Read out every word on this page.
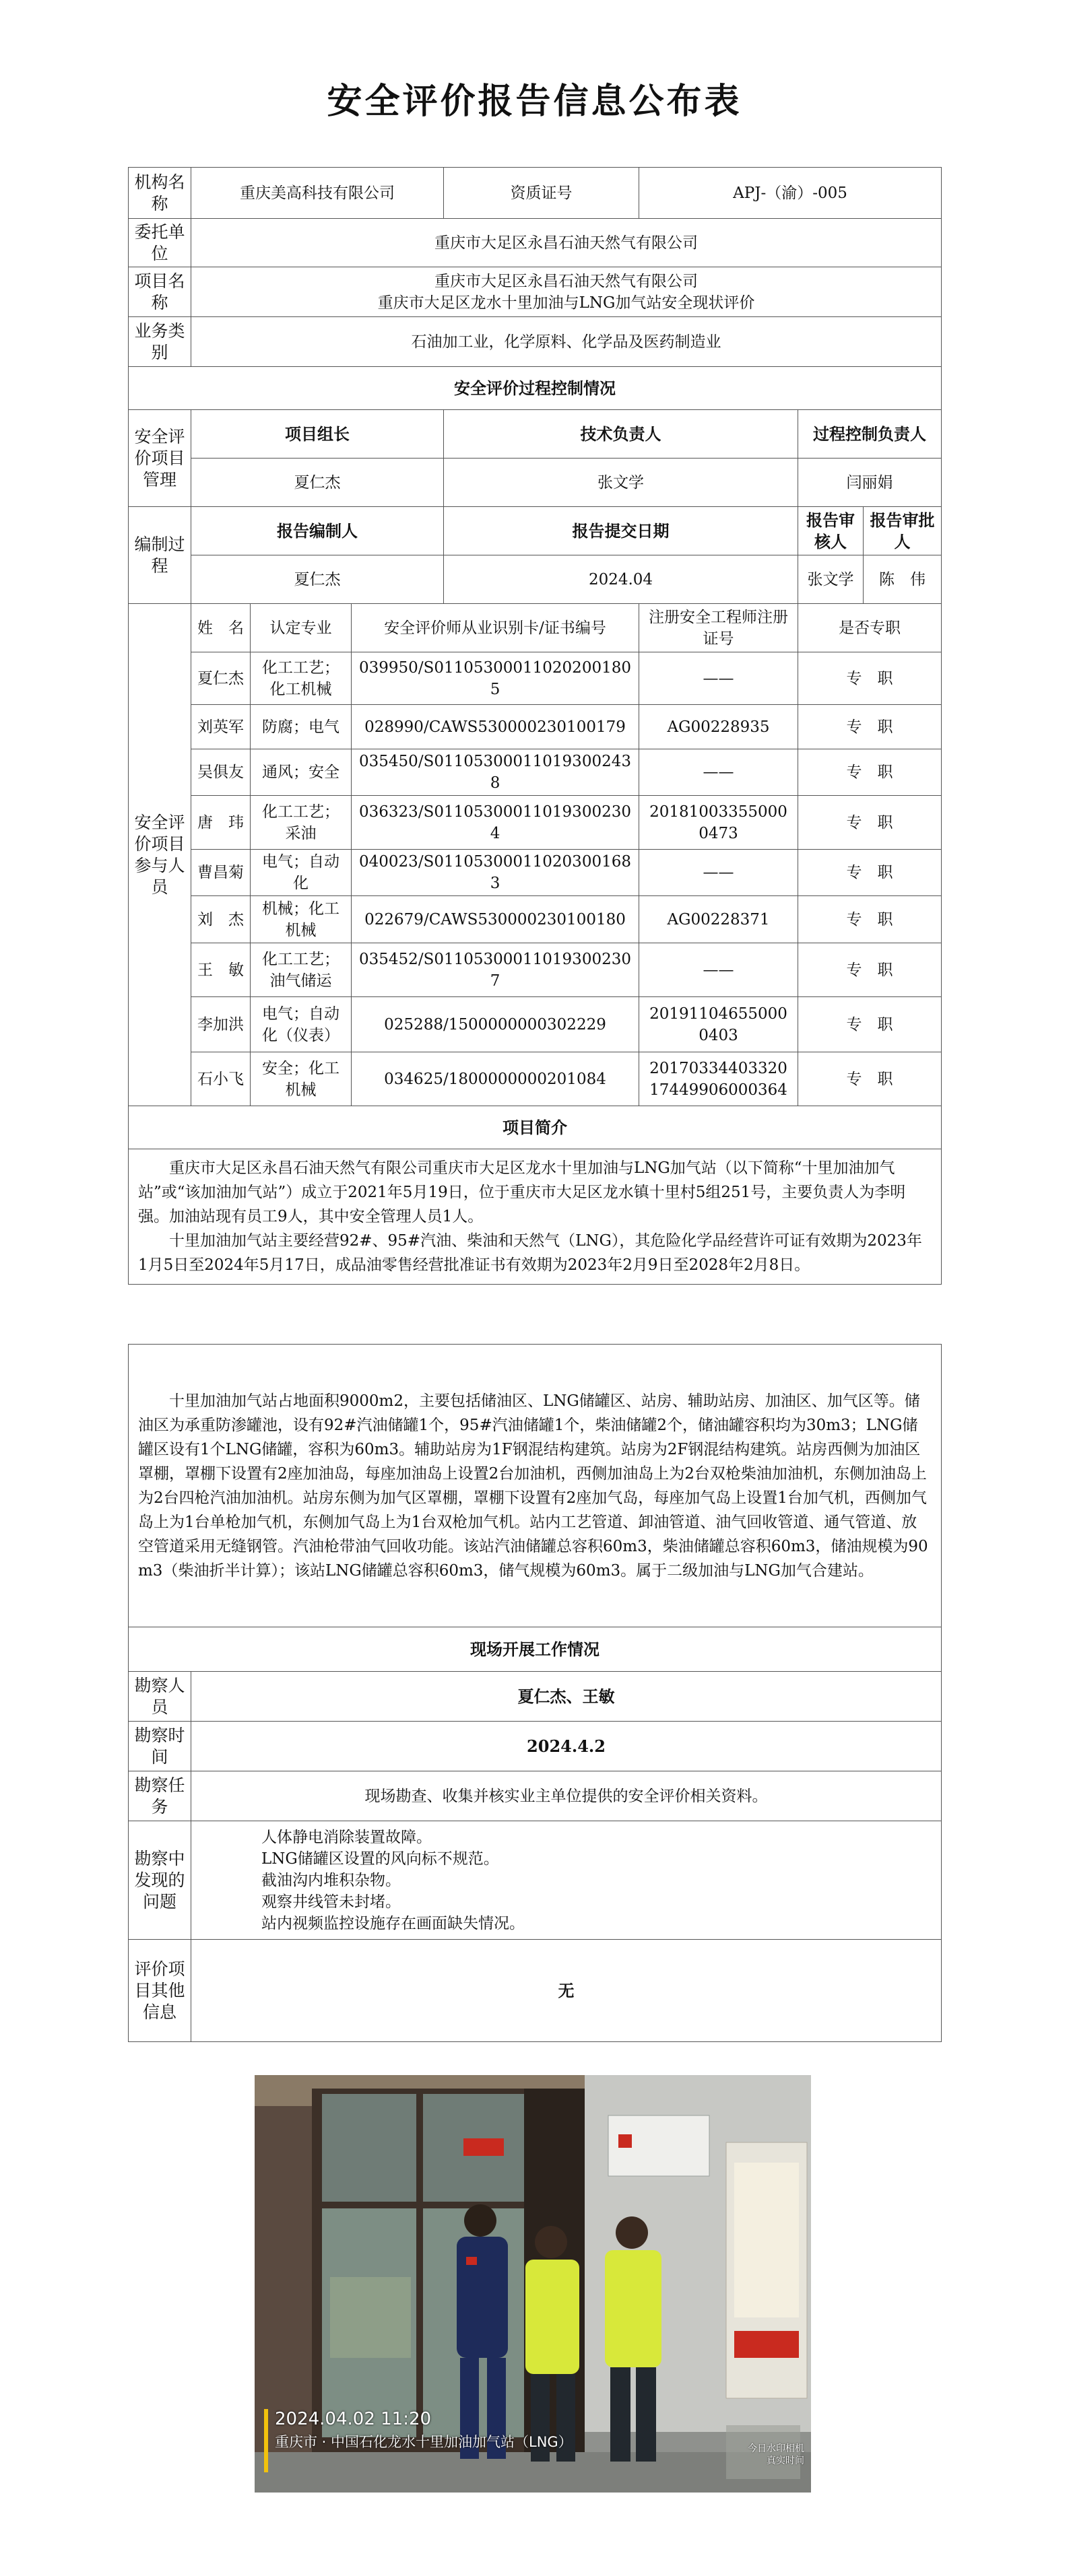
安全评价报告信息公布表
机构名称	重庆美高科技有限公司			资质证号	APJ-（渝）-005		
委托单位	重庆市大足区永昌石油天然气有限公司						
项目名称	重庆市大足区永昌石油天然气有限公司
重庆市大足区龙水十里加油与LNG加气站安全现状评价						

业务类别	石油加工业，化学原料、化学品及医药制造业						
安全评价过程控制情况							
安全评价项目管理	项目组长			技术负责人		过程控制负责人	
	夏仁杰			张文学		闫丽娟	
编制过程	报告编制人			报告提交日期		报告审核人	报告审批人
	夏仁杰			2024.04		张文学	陈　伟
安全评价项目参与人员	姓　名	认定专业	安全评价师从业识别卡/证书编号		注册安全工程师注册证号	是否专职	
	夏仁杰	化工工艺；化工机械	039950/S011053000110202001805		——	专　职	
	刘英军	防腐；电气	028990/CAWS530000230100179		AG00228935	专　职	
	吴俱友	通风；安全	035450/S011053000110193002438		——	专　职	
	唐　玮	化工工艺；采油	036323/S011053000110193002304		201810033550000473	专　职	
	曹昌菊	电气；自动化	040023/S011053000110203001683		——	专　职	
	刘　杰	机械；化工机械	022679/CAWS530000230100180		AG00228371	专　职	
	王　敏	化工工艺；油气储运	035452/S011053000110193002307		——	专　职	
	李加洪	电气；自动化（仪表）	025288/1500000000302229		201911046550000403	专　职	
	石小飞	安全；化工机械	034625/1800000000201084		2017033440332017449906000364	专　职	
项目简介							

重庆市大足区永昌石油天然气有限公司重庆市大足区龙水十里加油与LNG加气站（以下简称“十里加油加气站”或“该加油加气站”）成立于2021年5月19日，位于重庆市大足区龙水镇十里村5组251号，主要负责人为李明强。加油站现有员工9人，其中安全管理人员1人。
十里加油加气站主要经营92#、95#汽油、柴油和天然气（LNG），其危险化学品经营许可证有效期为2023年1月5日至2024年5月17日，成品油零售经营批准证书有效期为2023年2月9日至2028年2月8日。							
十里加油加气站占地面积9000m2，主要包括储油区、LNG储罐区、站房、辅助站房、加油区、加气区等。储油区为承重防渗罐池，设有92#汽油储罐1个，95#汽油储罐1个，柴油储罐2个，储油罐容积均为30m3；LNG储罐区设有1个LNG储罐，容积为60m3。辅助站房为1F钢混结构建筑。站房为2F钢混结构建筑。站房西侧为加油区罩棚，罩棚下设置有2座加油岛，每座加油岛上设置2台加油机，西侧加油岛上为2台双枪柴油加油机，东侧加油岛上为2台四枪汽油加油机。站房东侧为加气区罩棚，罩棚下设置有2座加气岛，每座加气岛上设置1台加气机，西侧加气岛上为1台单枪加气机，东侧加气岛上为1台双枪加气机。站内工艺管道、卸油管道、油气回收管道、通气管道、放空管道采用无缝钢管。汽油枪带油气回收功能。该站汽油储罐总容积60m3，柴油储罐总容积60m3，储油规模为90m3（柴油折半计算）；该站LNG储罐总容积60m3，储气规模为60m3。属于二级加油与LNG加气合建站。	
现场开展工作情况	
勘察人员	夏仁杰、王敏
勘察时间	2024.4.2
勘察任务	现场勘查、收集并核实业主单位提供的安全评价相关资料。
勘察中发现的问题	人体静电消除装置故障。
LNG储罐区设置的风向标不规范。
截油沟内堆积杂物。
观察井线管未封堵。
站内视频监控设施存在画面缺失情况。

评价项目其他信息	无
2024.04.02 11:20
重庆市 · 中国石化龙水十里加油加气站（LNG）	今日水印相机
真实时间
